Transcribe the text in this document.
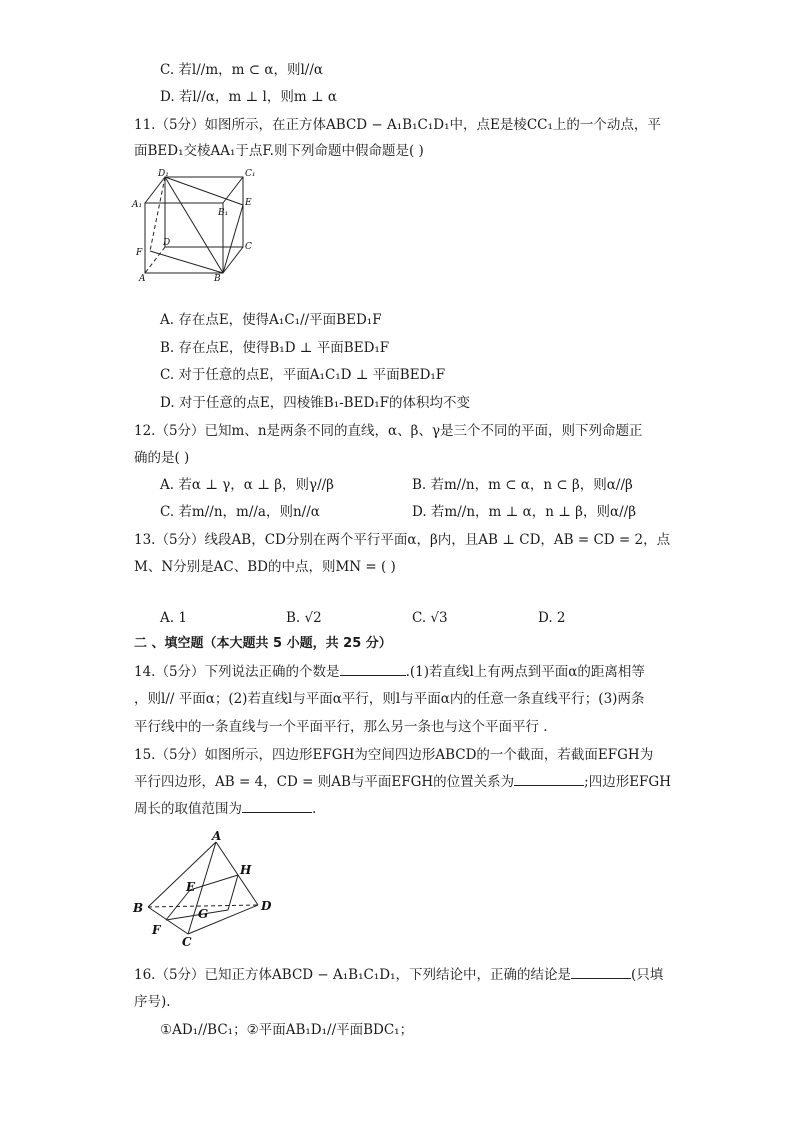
C. 若l//m，m ⊂ α，则l//α
D. 若l//α，m ⊥ l，则m ⊥ α
11.（5分）如图所示，在正方体ABCD − A₁B₁C₁D₁中，点E是棱CC₁上的一个动点，平
面BED₁交棱AA₁于点F.则下列命题中假命题是( )
D₁	C₁
A₁
B₁
E
D	C
F
A	B
A. 存在点E，使得A₁C₁//平面BED₁F
B. 存在点E，使得B₁D ⊥ 平面BED₁F
C. 对于任意的点E，平面A₁C₁D ⊥ 平面BED₁F
D. 对于任意的点E，四棱锥B₁-BED₁F的体积均不变
12.（5分）已知m、n是两条不同的直线，α、β、γ是三个不同的平面，则下列命题正
确的是( )
A. 若α ⊥ γ，α ⊥ β，则γ//β	B. 若m//n，m ⊂ α，n ⊂ β，则α//β
C. 若m//n，m//a，则n//α	D. 若m//n，m ⊥ α，n ⊥ β，则α//β
13.（5分）线段AB，CD分别在两个平行平面α，β内，且AB ⊥ CD，AB = CD = 2，点
M、N分别是AC、BD的中点，则MN = ( )
A. 1	B. √2	C. √3	D. 2
二 、填空题（本大题共 5 小题，共 25 分）
14.（5分）下列说法正确的个数是	.(1)若直线l上有两点到平面α的距离相等
，则l// 平面α；(2)若直线l与平面α平行，则l与平面α内的任意一条直线平行；(3)两条
平行线中的一条直线与一个平面平行，那么另一条也与这个平面平行 .
15.（5分）如图所示，四边形EFGH为空间四边形ABCD的一个截面，若截面EFGH为
平行四边形，AB = 4，CD = 则AB与平面EFGH的位置关系为	;四边形EFGH
周长的取值范围为	.
A
H
E
B	G
D
F
C
16.（5分）已知正方体ABCD − A₁B₁C₁D₁，下列结论中，正确的结论是	(只填
序号).
①AD₁//BC₁；②平面AB₁D₁//平面BDC₁；
